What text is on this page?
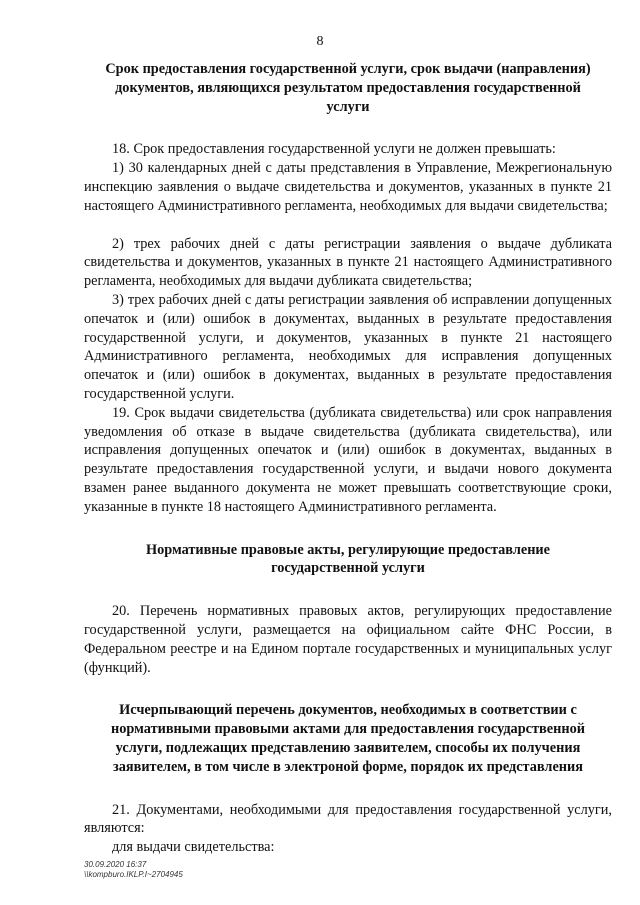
8
Срок предоставления государственной услуги, срок выдачи (направления) документов, являющихся результатом предоставления государственной услуги

18. Срок предоставления государственной услуги не должен превышать:

1) 30 календарных дней с даты представления в Управление, Межрегиональную инспекцию заявления о выдаче свидетельства и документов, указанных в пункте 21 настоящего Административного регламента, необходимых для выдачи свидетельства;

2) трех рабочих дней с даты регистрации заявления о выдаче дубликата свидетельства и документов, указанных в пункте 21 настоящего Административного регламента, необходимых для выдачи дубликата свидетельства;

3) трех рабочих дней с даты регистрации заявления об исправлении допущенных опечаток и (или) ошибок в документах, выданных в результате предоставления государственной услуги, и документов, указанных в пункте 21 настоящего Административного регламента, необходимых для исправления допущенных опечаток и (или) ошибок в документах, выданных в результате предоставления государственной услуги.

19. Срок выдачи свидетельства (дубликата свидетельства) или срок направления уведомления об отказе в выдаче свидетельства (дубликата свидетельства), или исправления допущенных опечаток и (или) ошибок в документах, выданных в результате предоставления государственной услуги, и выдачи нового документа взамен ранее выданного документа не может превышать соответствующие сроки, указанные в пункте 18 настоящего Административного регламента.

Нормативные правовые акты, регулирующие предоставление государственной услуги

20. Перечень нормативных правовых актов, регулирующих предоставление государственной услуги, размещается на официальном сайте ФНС России, в Федеральном реестре и на Едином портале государственных и муниципальных услуг (функций).

Исчерпывающий перечень документов, необходимых в соответствии с нормативными правовыми актами для предоставления государственной услуги, подлежащих представлению заявителем, способы их получения заявителем, в том числе в электроной форме, порядок их представления

21. Документами, необходимыми для предоставления государственной услуги, являются:

для выдачи свидетельства:

30.09.2020 16:37
\\kompburo.IKLP.I~2704945
